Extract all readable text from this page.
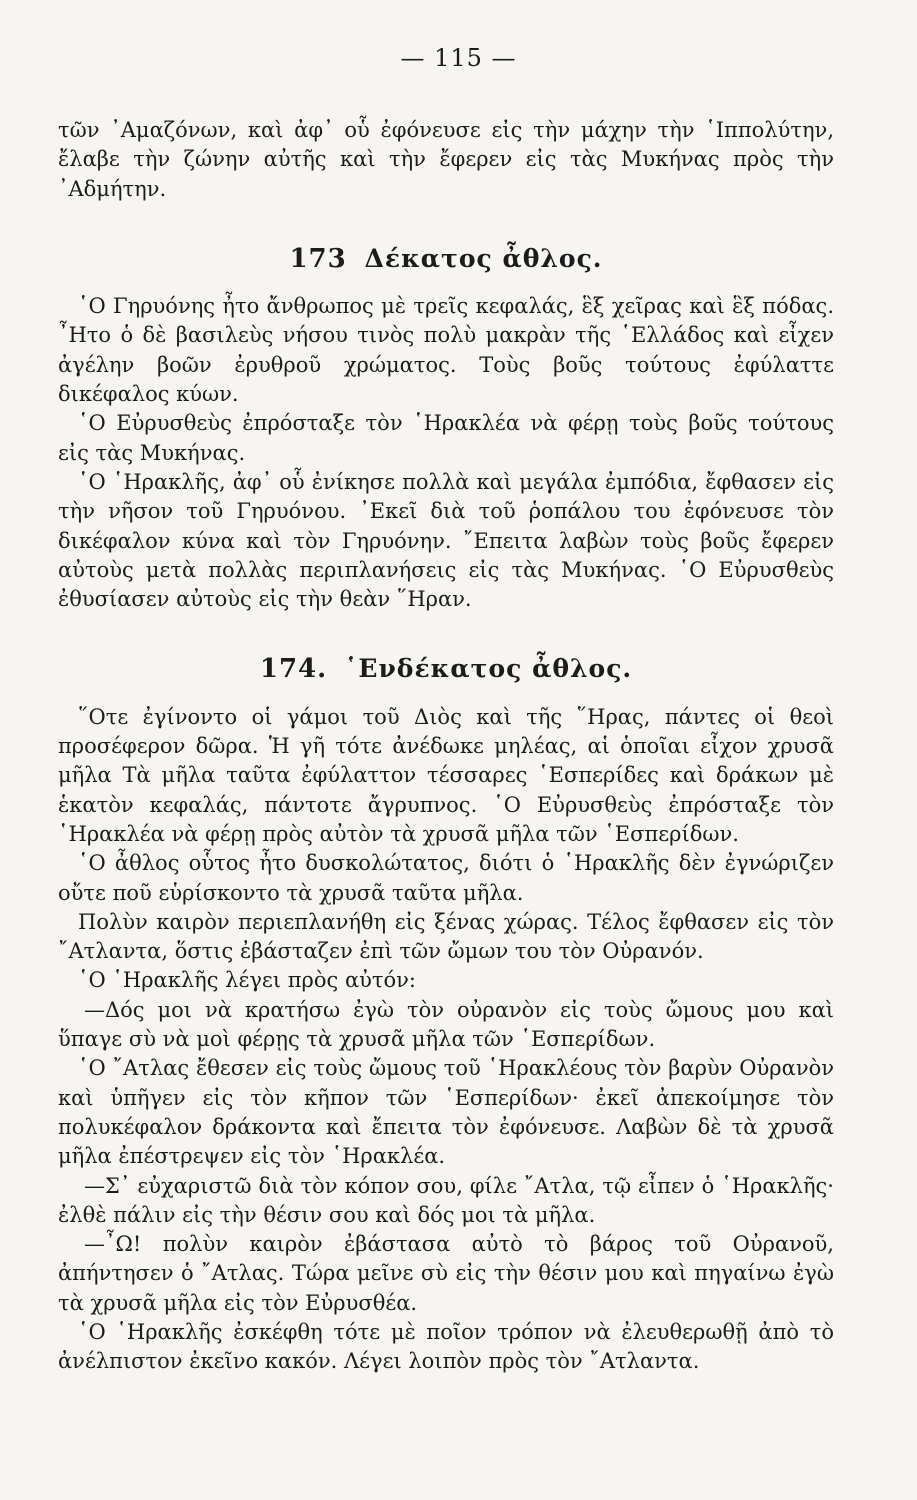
— 115 —

τῶν ᾽Αμαζόνων, καὶ ἀφ᾽ οὗ ἐφόνευσε εἰς τὴν μάχην τὴν ῾Ιππολύτην, ἔλαβε τὴν ζώνην αὐτῆς καὶ τὴν ἔφερεν εἰς τὰς Μυκήνας πρὸς τὴν ᾽Αδμήτην.

173 Δέκατος ἆθλος.

῾Ο Γηρυόνης ἦτο ἄνθρωπος μὲ τρεῖς κεφαλάς, ἓξ χεῖρας καὶ ἓξ πόδας. ῏Ητο ὁ δὲ βασιλεὺς νήσου τινὸς πολὺ μακρὰν τῆς ῾Ελλάδος καὶ εἶχεν ἀγέλην βοῶν ἐρυθροῦ χρώματος. Τοὺς βοῦς τούτους ἐφύλαττε δικέφαλος κύων.

῾Ο Εὐρυσθεὺς ἐπρόσταξε τὸν ῾Ηρακλέα νὰ φέρῃ τοὺς βοῦς τούτους εἰς τὰς Μυκήνας.

῾Ο ῾Ηρακλῆς, ἀφ᾽ οὗ ἐνίκησε πολλὰ καὶ μεγάλα ἐμπόδια, ἔφθασεν εἰς τὴν νῆσον τοῦ Γηρυόνου. ᾽Εκεῖ διὰ τοῦ ῥοπάλου του ἐφόνευσε τὸν δικέφαλον κύνα καὶ τὸν Γηρυόνην. ῎Επειτα λαβὼν τοὺς βοῦς ἔφερεν αὐτοὺς μετὰ πολλὰς περιπλανήσεις εἰς τὰς Μυκήνας. ῾Ο Εὐρυσθεὺς ἐθυσίασεν αὐτοὺς εἰς τὴν θεὰν ῞Ηραν.

174. ῾Ενδέκατος ἆθλος.

῞Οτε ἐγίνοντο οἱ γάμοι τοῦ Διὸς καὶ τῆς ῞Ηρας, πάντες οἱ θεοὶ προσέφερον δῶρα. Ἡ γῆ τότε ἀνέδωκε μηλέας, αἱ ὁποῖαι εἶχον χρυσᾶ μῆλα Τὰ μῆλα ταῦτα ἐφύλαττον τέσσαρες ῾Εσπερίδες καὶ δράκων μὲ ἑκατὸν κεφαλάς, πάντοτε ἄγρυπνος. ῾Ο Εὐρυσθεὺς ἐπρόσταξε τὸν ῾Ηρακλέα νὰ φέρῃ πρὸς αὐτὸν τὰ χρυσᾶ μῆλα τῶν ῾Εσπερίδων.

῾Ο ἆθλος οὗτος ἦτο δυσκολώτατος, διότι ὁ ῾Ηρακλῆς δὲν ἐγνώριζεν οὔτε ποῦ εὑρίσκοντο τὰ χρυσᾶ ταῦτα μῆλα.

Πολὺν καιρὸν περιεπλανήθη εἰς ξένας χώρας. Τέλος ἔφθασεν εἰς τὸν ῎Ατλαντα, ὅστις ἐβάσταζεν ἐπὶ τῶν ὤμων του τὸν Οὐρανόν.

῾Ο ῾Ηρακλῆς λέγει πρὸς αὐτόν:

—Δός μοι νὰ κρατήσω ἐγὼ τὸν οὐρανὸν εἰς τοὺς ὤμους μου καὶ ὕπαγε σὺ νὰ μοὶ φέρῃς τὰ χρυσᾶ μῆλα τῶν ῾Εσπερίδων.

῾Ο ῎Ατλας ἔθεσεν εἰς τοὺς ὤμους τοῦ ῾Ηρακλέους τὸν βαρὺν Οὐρανὸν καὶ ὑπῆγεν εἰς τὸν κῆπον τῶν ῾Εσπερίδων· ἐκεῖ ἀπεκοίμησε τὸν πολυκέφαλον δράκοντα καὶ ἔπειτα τὸν ἐφόνευσε. Λαβὼν δὲ τὰ χρυσᾶ μῆλα ἐπέστρεψεν εἰς τὸν ῾Ηρακλέα.

—Σ᾽ εὐχαριστῶ διὰ τὸν κόπον σου, φίλε ῎Ατλα, τῷ εἶπεν ὁ ῾Ηρακλῆς· ἐλθὲ πάλιν εἰς τὴν θέσιν σου καὶ δός μοι τὰ μῆλα.

—῏Ω! πολὺν καιρὸν ἐβάστασα αὐτὸ τὸ βάρος τοῦ Οὐρανοῦ, ἀπήντησεν ὁ ῎Ατλας. Τώρα μεῖνε σὺ εἰς τὴν θέσιν μου καὶ πηγαίνω ἐγὼ τὰ χρυσᾶ μῆλα εἰς τὸν Εὐρυσθέα.

῾Ο ῾Ηρακλῆς ἐσκέφθη τότε μὲ ποῖον τρόπον νὰ ἐλευθερωθῇ ἀπὸ τὸ ἀνέλπιστον ἐκεῖνο κακόν. Λέγει λοιπὸν πρὸς τὸν ῎Ατλαντα.
